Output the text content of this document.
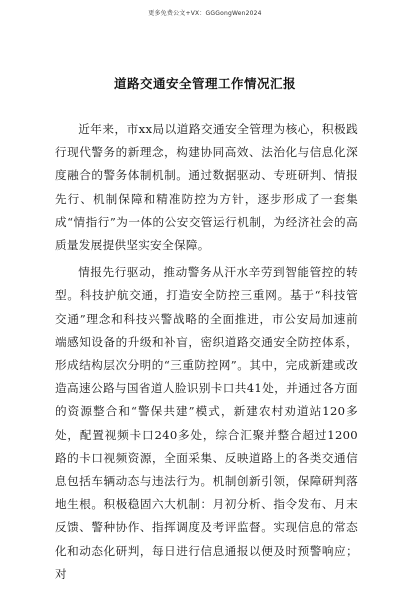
更多免费公文+VX：GGGongWen2024
道路交通安全管理工作情况汇报

近年来，市xx局以道路交通安全管理为核心，积极践行现代警务的新理念，构建协同高效、法治化与信息化深度融合的警务体制机制。通过数据驱动、专班研判、情报先行、机制保障和精准防控为方针，逐步形成了一套集成“情指行”为一体的公安交管运行机制，为经济社会的高质量发展提供坚实安全保障。

情报先行驱动，推动警务从汗水辛劳到智能管控的转型。科技护航交通，打造安全防控三重网。基于“科技管交通”理念和科技兴警战略的全面推进，市公安局加速前端感知设备的升级和补盲，密织道路交通安全防控体系，形成结构层次分明的“三重防控网”。其中，完成新建或改造高速公路与国省道人脸识别卡口共41处，并通过各方面的资源整合和“警保共建”模式，新建农村劝道站120多处，配置视频卡口240多处，综合汇聚并整合超过1200路的卡口视频资源，全面采集、反映道路上的各类交通信息包括车辆动态与违法行为。机制创新引领，保障研判落地生根。积极稳固六大机制：月初分析、指令发布、月末反馈、警种协作、指挥调度及考评监督。实现信息的常态化和动态化研判，每日进行信息通报以便及时预警响应；对
